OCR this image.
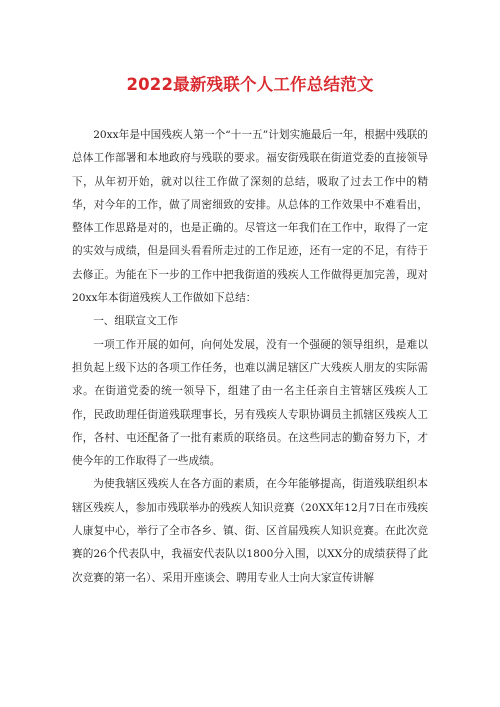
2022最新残联个人工作总结范文

20xx年是中国残疾人第一个“十一五”计划实施最后一年，根据中残联的总体工作部署和本地政府与残联的要求。福安街残联在街道党委的直接领导下，从年初开始，就对以往工作做了深刻的总结，吸取了过去工作中的精华，对今年的工作，做了周密细致的安排。从总体的工作效果中不难看出，整体工作思路是对的，也是正确的。尽管这一年我们在工作中，取得了一定的实效与成绩，但是回头看看所走过的工作足迹，还有一定的不足，有待于去修正。为能在下一步的工作中把我街道的残疾人工作做得更加完善，现对20xx年本街道残疾人工作做如下总结：

一、组联宣文工作

一项工作开展的如何，向何处发展，没有一个强硬的领导组织，是难以担负起上级下达的各项工作任务，也难以满足辖区广大残疾人朋友的实际需求。在街道党委的统一领导下，组建了由一名主任亲自主管辖区残疾人工作，民政助理任街道残联理事长，另有残疾人专职协调员主抓辖区残疾人工作，各村、屯还配备了一批有素质的联络员。在这些同志的勤奋努力下，才使今年的工作取得了一些成绩。

为使我辖区残疾人在各方面的素质，在今年能够提高，街道残联组织本辖区残疾人，参加市残联举办的残疾人知识竞赛（20XX年12月7日在市残疾人康复中心，举行了全市各乡、镇、街、区首届残疾人知识竞赛。在此次竞赛的26个代表队中，我福安代表队以1800分入围，以XX分的成绩获得了此次竞赛的第一名）、采用开座谈会、聘用专业人士向大家宣传讲解
